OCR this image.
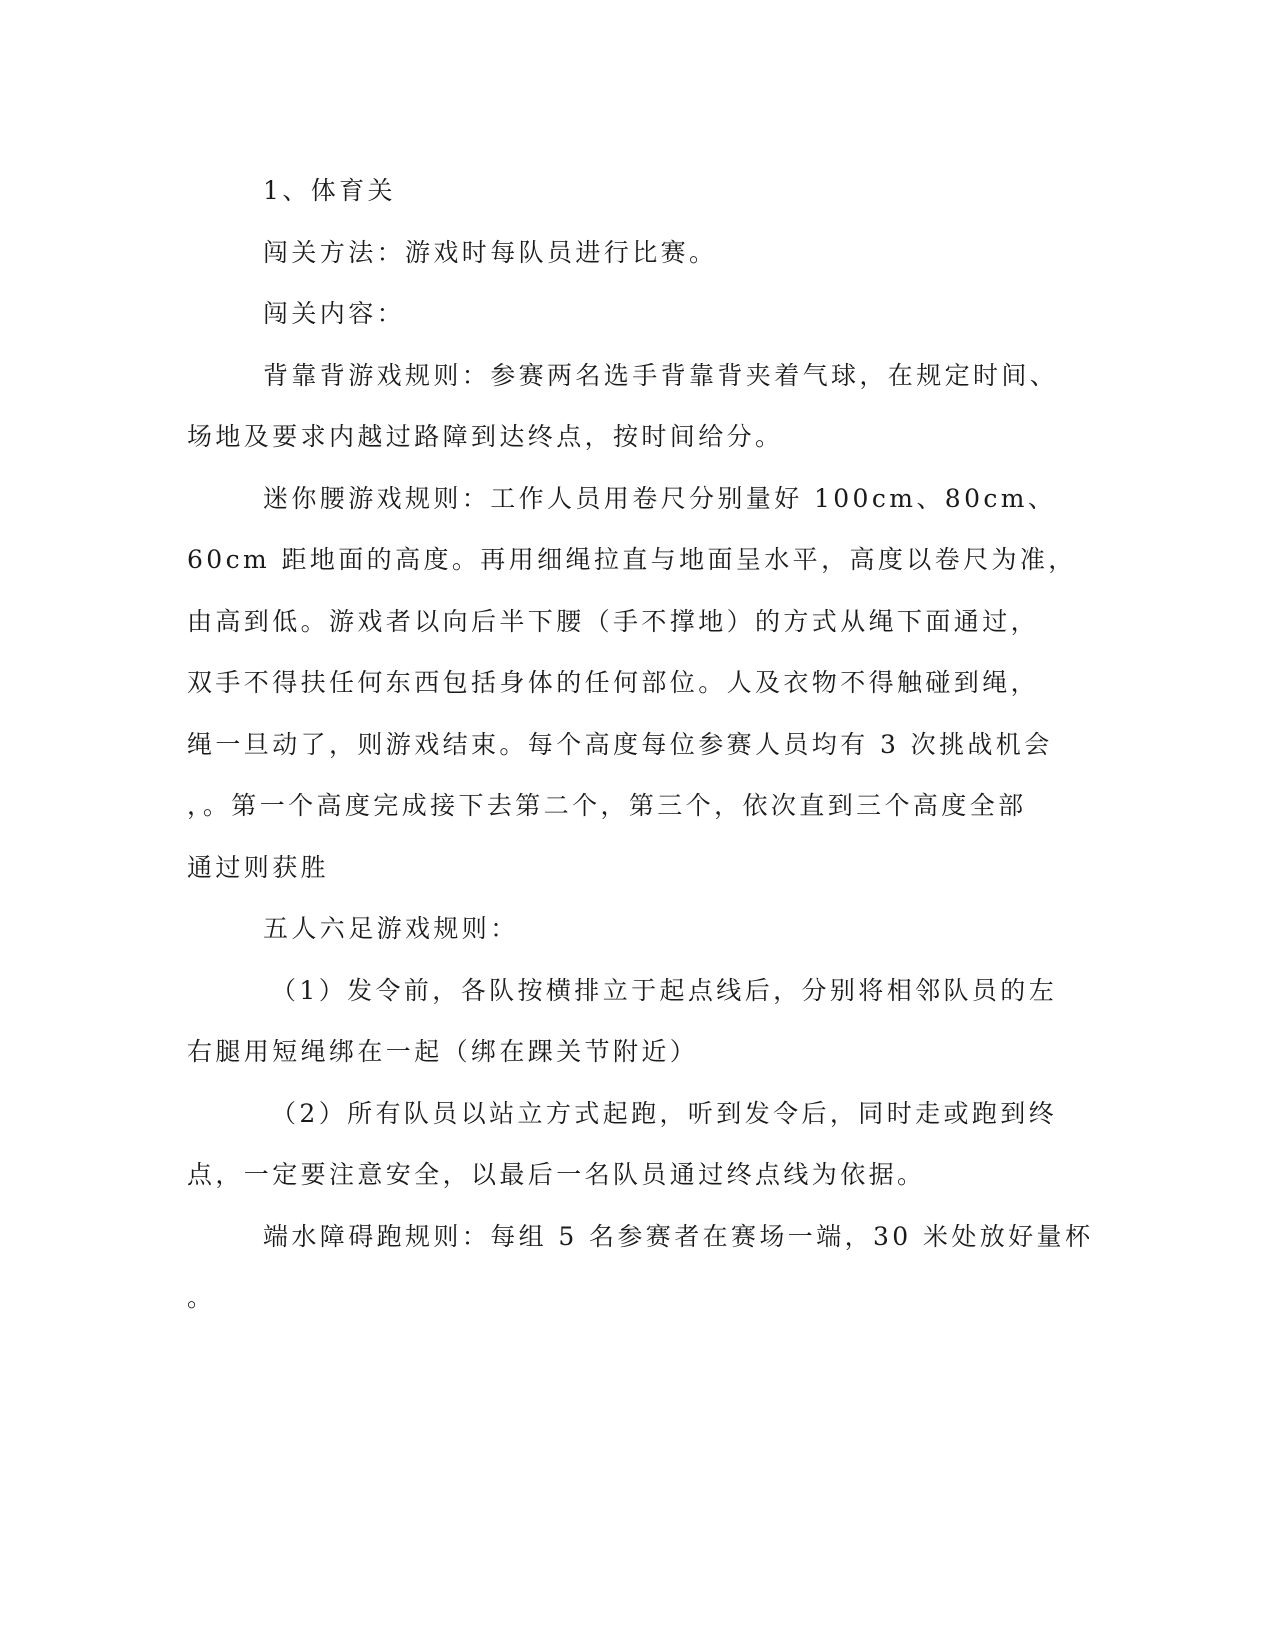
1、体育关

闯关方法：游戏时每队员进行比赛。

闯关内容：

背靠背游戏规则：参赛两名选手背靠背夹着气球，在规定时间、

场地及要求内越过路障到达终点，按时间给分。

迷你腰游戏规则：工作人员用卷尺分别量好 100cm、80cm、

60cm 距地面的高度。再用细绳拉直与地面呈水平，高度以卷尺为准，

由高到低。游戏者以向后半下腰（手不撑地）的方式从绳下面通过，

双手不得扶任何东西包括身体的任何部位。人及衣物不得触碰到绳，

绳一旦动了，则游戏结束。每个高度每位参赛人员均有 3 次挑战机会

，。第一个高度完成接下去第二个，第三个，依次直到三个高度全部

通过则获胜

五人六足游戏规则：

（1）发令前，各队按横排立于起点线后，分别将相邻队员的左

右腿用短绳绑在一起（绑在踝关节附近）

（2）所有队员以站立方式起跑，听到发令后，同时走或跑到终

点，一定要注意安全，以最后一名队员通过终点线为依据。

端水障碍跑规则：每组 5 名参赛者在赛场一端，30 米处放好量杯

。
